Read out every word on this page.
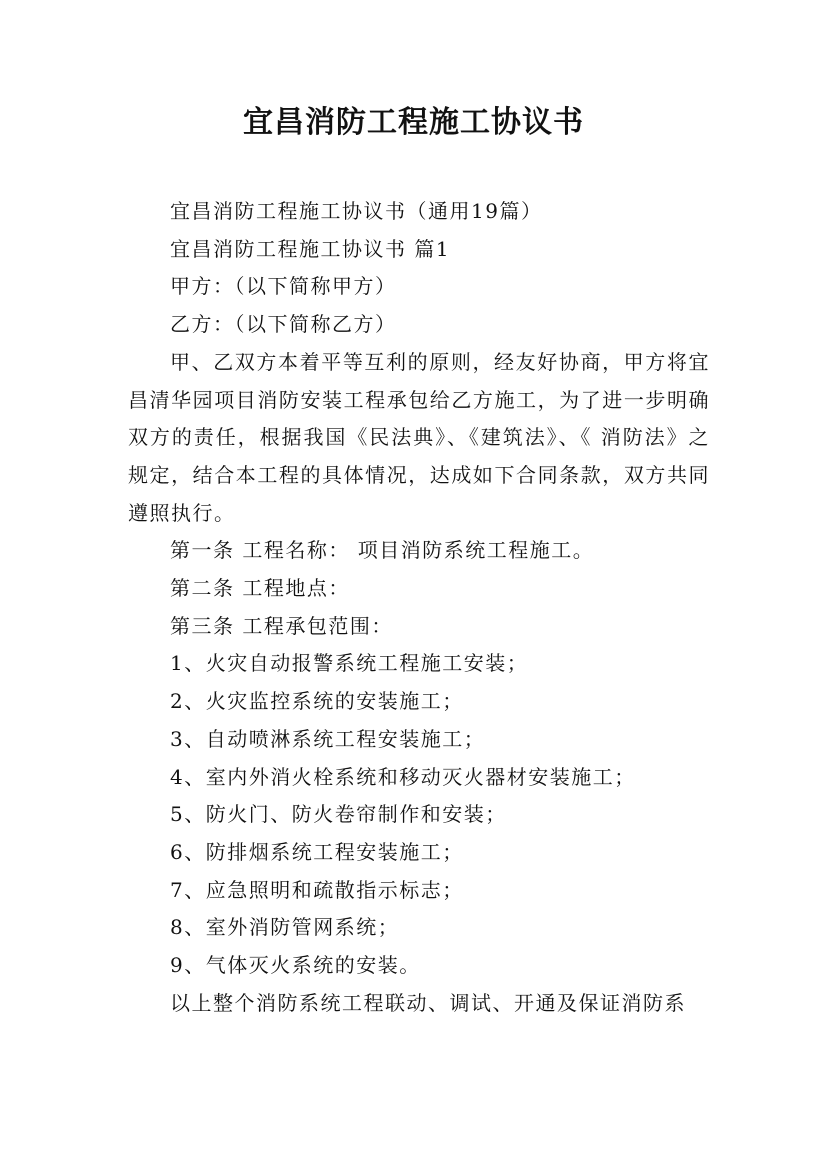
宜昌消防工程施工协议书

宜昌消防工程施工协议书（通用19篇）

宜昌消防工程施工协议书 篇1

甲方：（以下简称甲方）

乙方：（以下简称乙方）

甲、乙双方本着平等互利的原则，经友好协商，甲方将宜昌清华园项目消防安装工程承包给乙方施工，为了进一步明确双方的责任，根据我国《民法典》、《建筑法》、《 消防法》之规定，结合本工程的具体情况，达成如下合同条款，双方共同遵照执行。

第一条 工程名称： 项目消防系统工程施工。

第二条 工程地点：

第三条 工程承包范围：

1、火灾自动报警系统工程施工安装；

2、火灾监控系统的安装施工；

3、自动喷淋系统工程安装施工；

4、室内外消火栓系统和移动灭火器材安装施工；

5、防火门、防火卷帘制作和安装；

6、防排烟系统工程安装施工；

7、应急照明和疏散指示标志；

8、室外消防管网系统；

9、气体灭火系统的安装。

以上整个消防系统工程联动、调试、开通及保证消防系
